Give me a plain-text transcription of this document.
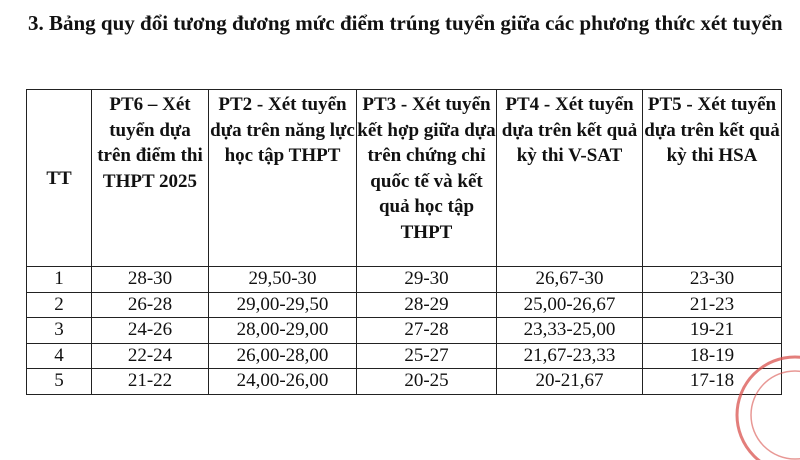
3. Bảng quy đổi tương đương mức điểm trúng tuyển giữa các phương thức xét tuyển
TT	PT6 – Xét tuyển dựa trên điểm thi THPT 2025	PT2 - Xét tuyển dựa trên năng lực học tập THPT	PT3 - Xét tuyển kết hợp giữa dựa trên chứng chỉ quốc tế và kết quả học tập THPT	PT4 - Xét tuyển dựa trên kết quả kỳ thi V-SAT	PT5 - Xét tuyển dựa trên kết quả kỳ thi HSA
1	28-30	29,50-30	29-30	26,67-30	23-30
2	26-28	29,00-29,50	28-29	25,00-26,67	21-23
3	24-26	28,00-29,00	27-28	23,33-25,00	19-21
4	22-24	26,00-28,00	25-27	21,67-23,33	18-19
5	21-22	24,00-26,00	20-25	20-21,67	17-18
